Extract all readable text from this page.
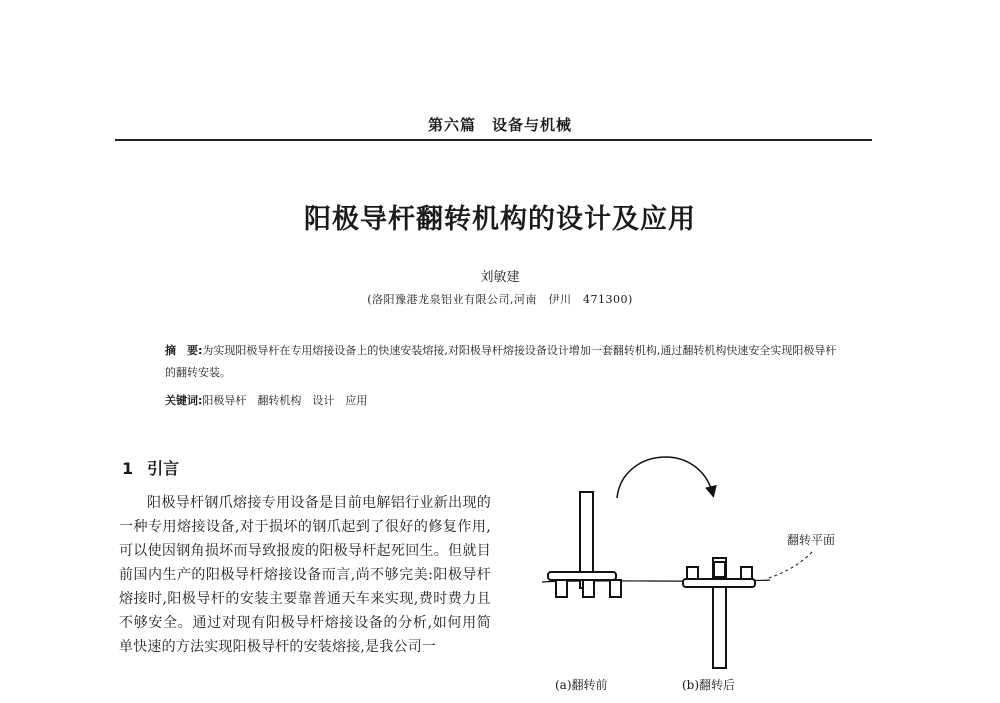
第六篇 设备与机械
阳极导杆翻转机构的设计及应用
刘敏建
(洛阳豫港龙泉铝业有限公司,河南　伊川　471300)
摘　要:为实现阳极导杆在专用熔接设备上的快速安装熔接,对阳极导杆熔接设备设计增加一套翻转机构,通过翻转机构快速安全实现阳极导杆的翻转安装。
关键词:阳极导杆　翻转机构　设计　应用
1 引言
阳极导杆钢爪熔接专用设备是目前电解铝行业新出现的一种专用熔接设备,对于损坏的钢爪起到了很好的修复作用,可以使因钢角损坏而导致报废的阳极导杆起死回生。但就目前国内生产的阳极导杆熔接设备而言,尚不够完美:阳极导杆熔接时,阳极导杆的安装主要靠普通天车来实现,费时费力且不够安全。通过对现有阳极导杆熔接设备的分析,如何用简单快速的方法实现阳极导杆的安装熔接,是我公司一
(a)翻转前	(b)翻转后
翻转平面
